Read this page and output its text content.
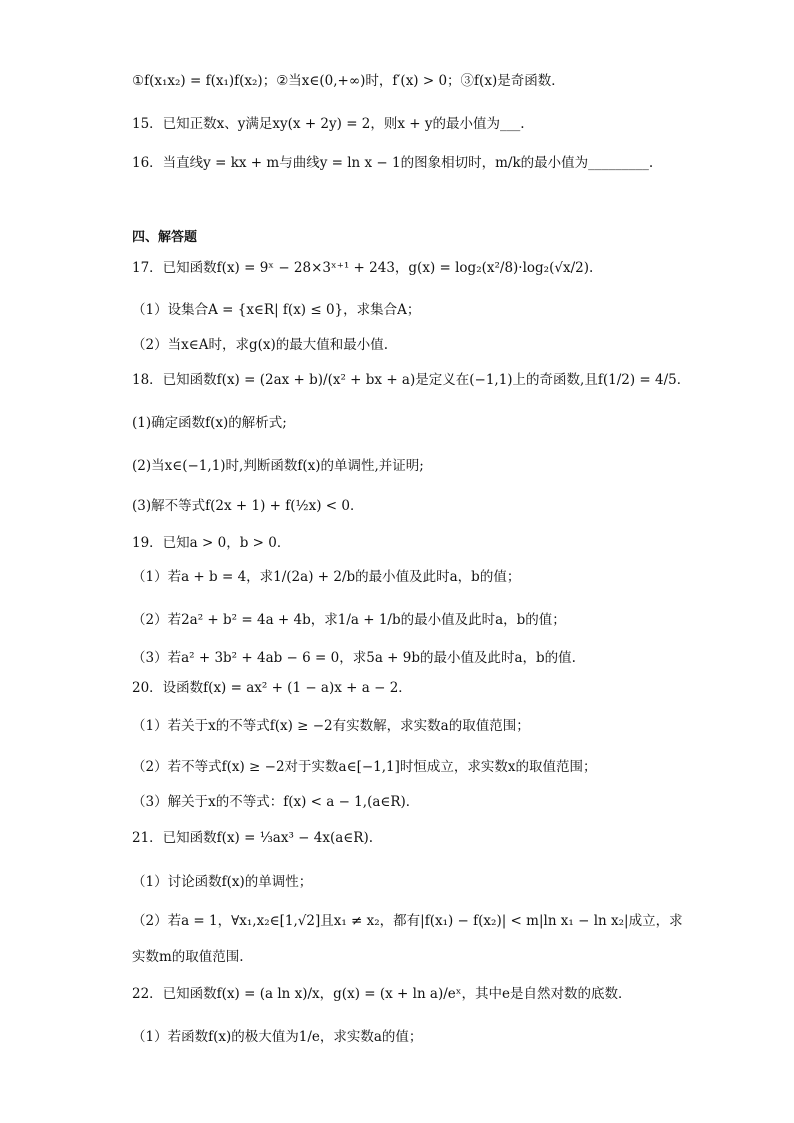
①f(x₁x₂) = f(x₁)f(x₂)；②当x∈(0,+∞)时，f′(x) > 0；③f(x)是奇函数．
15．已知正数x、y满足xy(x + 2y) = 2，则x + y的最小值为___.
16．当直线y = kx + m与曲线y = ln x − 1的图象相切时，m/k的最小值为_________.
四、解答题
17．已知函数f(x) = 9ˣ − 28×3ˣ⁺¹ + 243，g(x) = log₂(x²/8)·log₂(√x/2).
（1）设集合A = {x∈R| f(x) ≤ 0}，求集合A；
（2）当x∈A时，求g(x)的最大值和最小值.
18．已知函数f(x) = (2ax + b)/(x² + bx + a)是定义在(−1,1)上的奇函数,且f(1/2) = 4/5．
(1)确定函数f(x)的解析式;
(2)当x∈(−1,1)时,判断函数f(x)的单调性,并证明;
(3)解不等式f(2x + 1) + f(½x) < 0．
19．已知a > 0，b > 0．
（1）若a + b = 4，求1/(2a) + 2/b的最小值及此时a，b的值；
（2）若2a² + b² = 4a + 4b，求1/a + 1/b的最小值及此时a，b的值；
（3）若a² + 3b² + 4ab − 6 = 0，求5a + 9b的最小值及此时a，b的值.
20．设函数f(x) = ax² + (1 − a)x + a − 2．
（1）若关于x的不等式f(x) ≥ −2有实数解，求实数a的取值范围；
（2）若不等式f(x) ≥ −2对于实数a∈[−1,1]时恒成立，求实数x的取值范围；
（3）解关于x的不等式：f(x) < a − 1,(a∈R)．
21．已知函数f(x) = ⅓ax³ − 4x(a∈R).
（1）讨论函数f(x)的单调性；
（2）若a = 1，∀x₁,x₂∈[1,√2]且x₁ ≠ x₂，都有|f(x₁) − f(x₂)| < m|ln x₁ − ln x₂|成立，求
实数m的取值范围.
22．已知函数f(x) = (a ln x)/x，g(x) = (x + ln a)/eˣ，其中e是自然对数的底数．
（1）若函数f(x)的极大值为1/e，求实数a的值；
